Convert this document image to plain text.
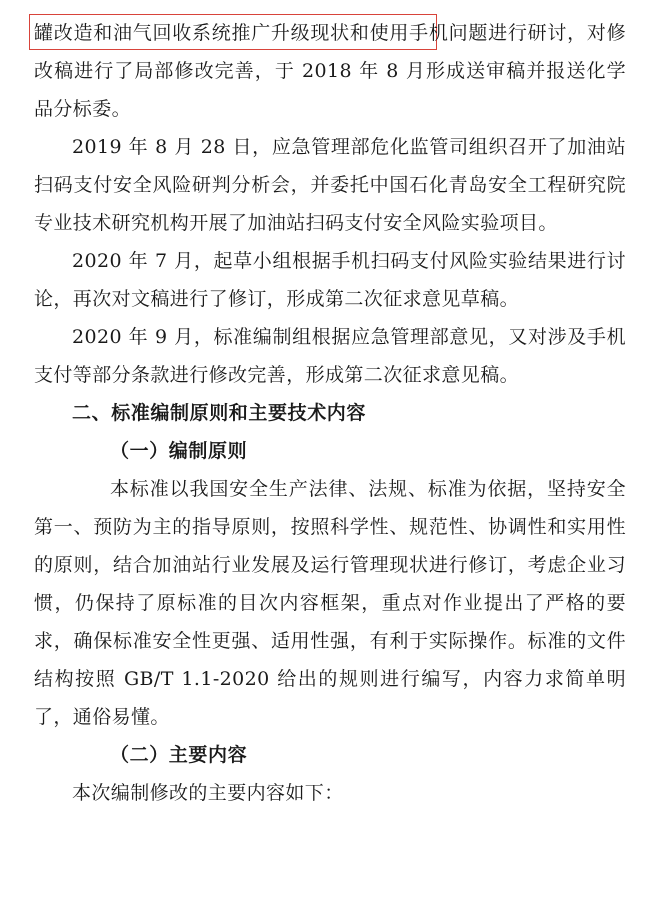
罐改造和油气回收系统推广升级现状和使用手机问题进行研讨，对修改稿进行了局部修改完善，于 2018 年 8 月形成送审稿并报送化学品分标委。

2019 年 8 月 28 日，应急管理部危化监管司组织召开了加油站扫码支付安全风险研判分析会，并委托中国石化青岛安全工程研究院专业技术研究机构开展了加油站扫码支付安全风险实验项目。

2020 年 7 月，起草小组根据手机扫码支付风险实验结果进行讨论，再次对文稿进行了修订，形成第二次征求意见草稿。

2020 年 9 月，标准编制组根据应急管理部意见，又对涉及手机支付等部分条款进行修改完善，形成第二次征求意见稿。

二、标准编制原则和主要技术内容

（一）编制原则

本标准以我国安全生产法律、法规、标准为依据，坚持安全第一、预防为主的指导原则，按照科学性、规范性、协调性和实用性的原则，结合加油站行业发展及运行管理现状进行修订，考虑企业习惯，仍保持了原标准的目次内容框架，重点对作业提出了严格的要求，确保标准安全性更强、适用性强，有利于实际操作。标准的文件结构按照 GB/T 1.1-2020 给出的规则进行编写，内容力求简单明了，通俗易懂。

（二）主要内容

本次编制修改的主要内容如下：
